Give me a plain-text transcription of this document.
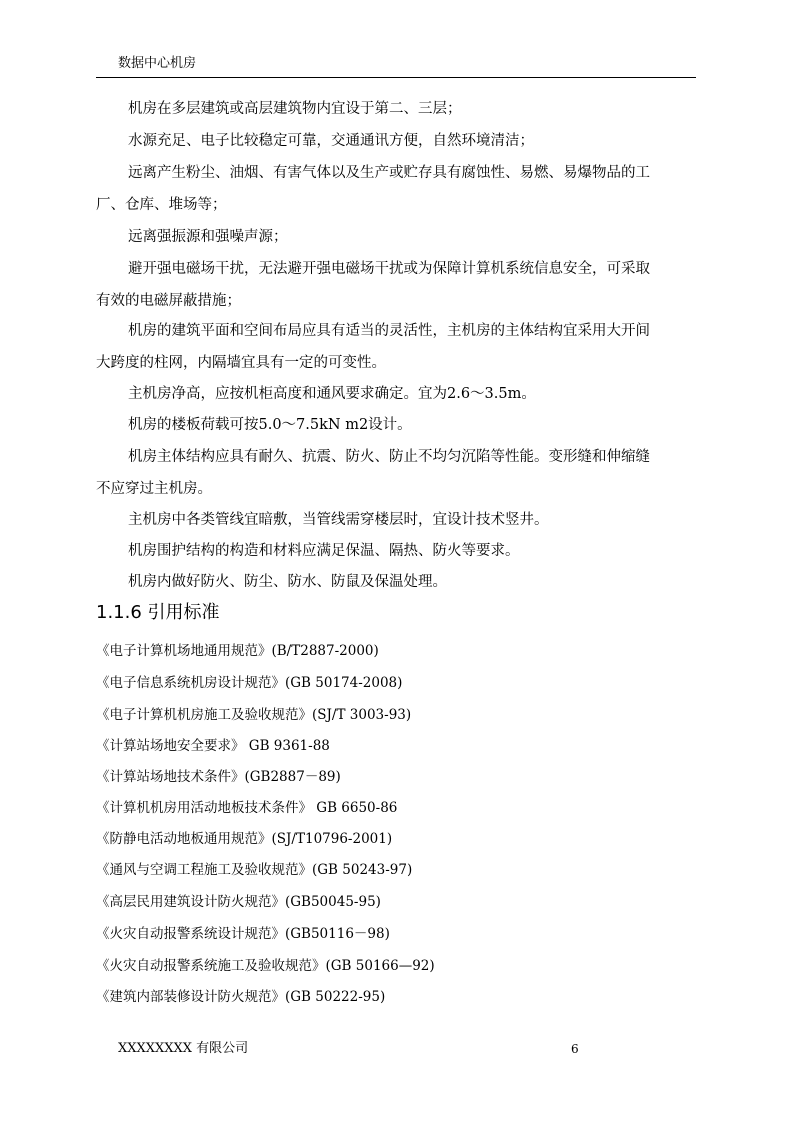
数据中心机房
机房在多层建筑或高层建筑物内宜设于第二、三层；
水源充足、电子比较稳定可靠，交通通讯方便，自然环境清洁；
远离产生粉尘、油烟、有害气体以及生产或贮存具有腐蚀性、易燃、易爆物品的工
厂、仓库、堆场等；
远离强振源和强噪声源；
避开强电磁场干扰，无法避开强电磁场干扰或为保障计算机系统信息安全，可采取
有效的电磁屏蔽措施；
机房的建筑平面和空间布局应具有适当的灵活性，主机房的主体结构宜采用大开间
大跨度的柱网，内隔墙宜具有一定的可变性。
主机房净高，应按机柜高度和通风要求确定。宜为2.6～3.5m。
机房的楼板荷载可按5.0～7.5kN m2设计。
机房主体结构应具有耐久、抗震、防火、防止不均匀沉陷等性能。变形缝和伸缩缝
不应穿过主机房。
主机房中各类管线宜暗敷，当管线需穿楼层时，宜设计技术竖井。
机房围护结构的构造和材料应满足保温、隔热、防火等要求。
机房内做好防火、防尘、防水、防鼠及保温处理。
1.1.6 引用标准
《电子计算机场地通用规范》(B/T2887-2000)
《电子信息系统机房设计规范》(GB 50174-2008)
《电子计算机机房施工及验收规范》(SJ/T 3003-93)
《计算站场地安全要求》 GB 9361-88
《计算站场地技术条件》(GB2887－89)
《计算机机房用活动地板技术条件》 GB 6650-86
《防静电活动地板通用规范》(SJ/T10796-2001)
《通风与空调工程施工及验收规范》(GB 50243-97)
《高层民用建筑设计防火规范》(GB50045-95)
《火灾自动报警系统设计规范》(GB50116－98)
《火灾自动报警系统施工及验收规范》(GB 50166—92)
《建筑内部装修设计防火规范》(GB 50222-95)
XXXXXXXX 有限公司	6
